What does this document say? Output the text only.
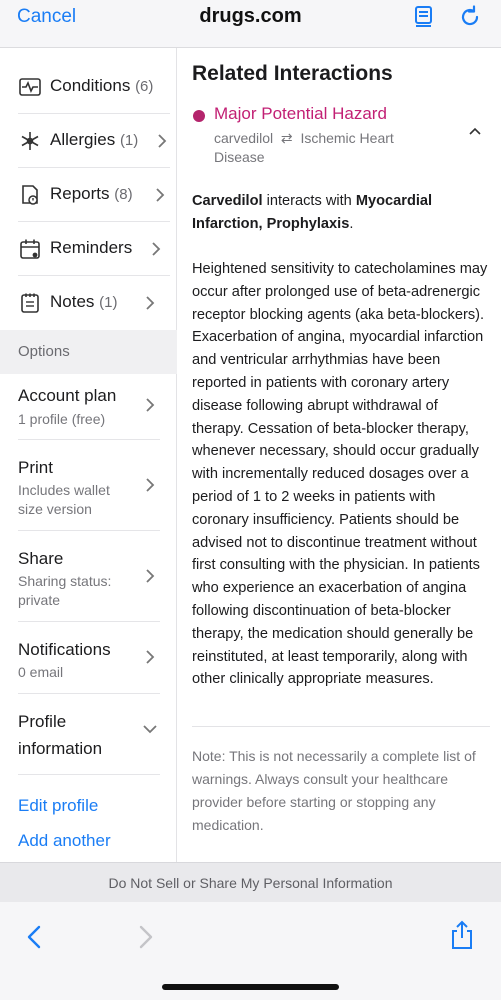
Cancel	drugs.com
Conditions (6)
Allergies (1)
Reports (8)
Reminders
Notes (1)
Options
Account plan
1 profile (free)
Print
Includes wallet size version
Share
Sharing status: private
Notifications
0 email
Profile information
Edit profile
Add another
Related Interactions
Major Potential Hazard
carvedilol  ⇄  Ischemic Heart Disease
Carvedilol interacts with Myocardial Infarction, Prophylaxis.
Heightened sensitivity to catecholamines may occur after prolonged use of beta-adrenergic receptor blocking agents (aka beta-blockers). Exacerbation of angina, myocardial infarction and ventricular arrhythmias have been reported in patients with coronary artery disease following abrupt withdrawal of therapy. Cessation of beta-blocker therapy, whenever necessary, should occur gradually with incrementally reduced dosages over a period of 1 to 2 weeks in patients with coronary insufficiency. Patients should be advised not to discontinue treatment without first consulting with the physician. In patients who experience an exacerbation of angina following discontinuation of beta-blocker therapy, the medication should generally be reinstituted, at least temporarily, along with other clinically appropriate measures.
Note: This is not necessarily a complete list of warnings. Always consult your healthcare provider before starting or stopping any medication.
Do Not Sell or Share My Personal Information
